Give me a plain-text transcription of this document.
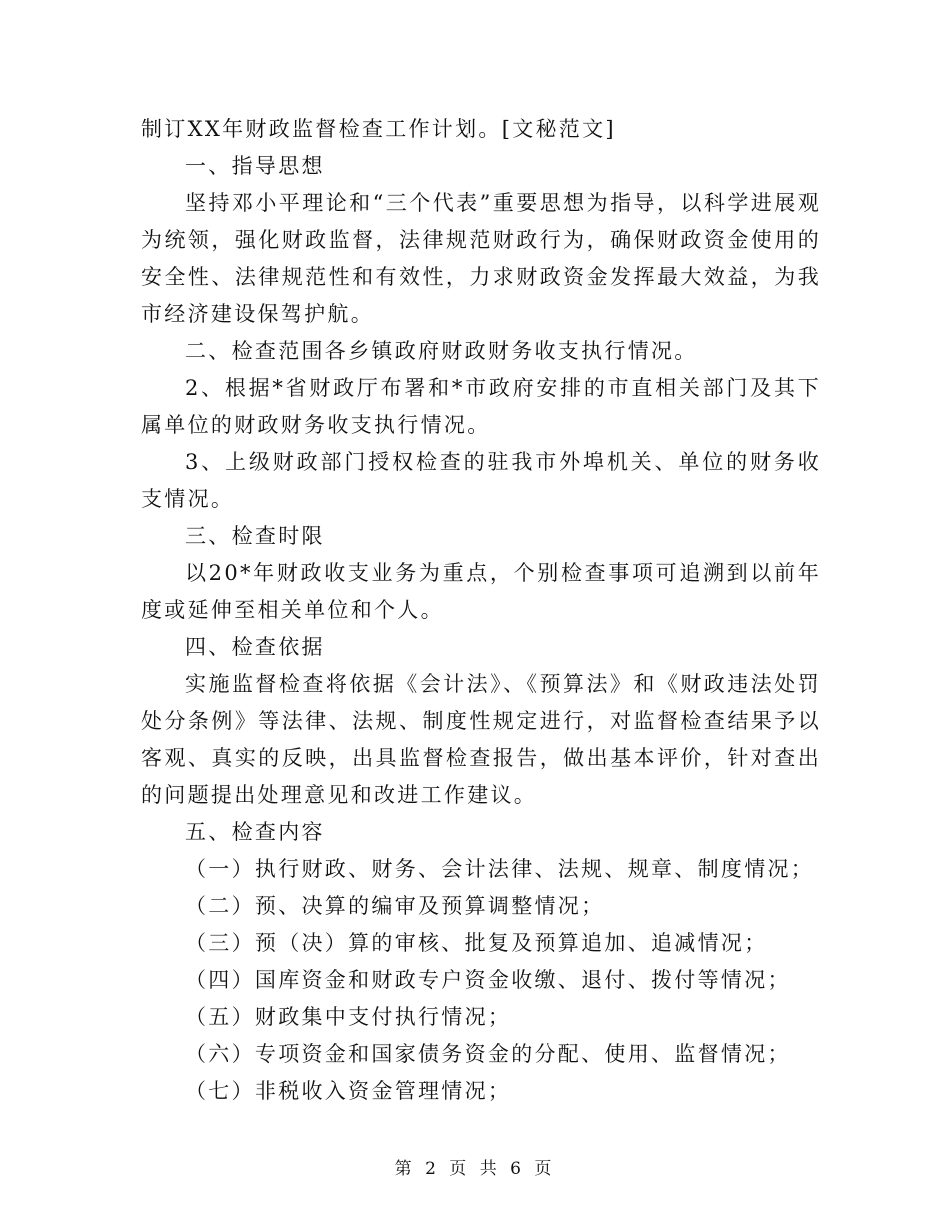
制订XX年财政监督检查工作计划。[文秘范文]

一、指导思想

坚持邓小平理论和“三个代表”重要思想为指导，以科学进展观为统领，强化财政监督，法律规范财政行为，确保财政资金使用的安全性、法律规范性和有效性，力求财政资金发挥最大效益，为我市经济建设保驾护航。

二、检查范围各乡镇政府财政财务收支执行情况。

2、根据*省财政厅布署和*市政府安排的市直相关部门及其下属单位的财政财务收支执行情况。

3、上级财政部门授权检查的驻我市外埠机关、单位的财务收支情况。

三、检查时限

以20*年财政收支业务为重点，个别检查事项可追溯到以前年度或延伸至相关单位和个人。

四、检查依据

实施监督检查将依据《会计法》、《预算法》和《财政违法处罚处分条例》等法律、法规、制度性规定进行，对监督检查结果予以客观、真实的反映，出具监督检查报告，做出基本评价，针对查出的问题提出处理意见和改进工作建议。

五、检查内容

（一）执行财政、财务、会计法律、法规、规章、制度情况；

（二）预、决算的编审及预算调整情况；

（三）预（决）算的审核、批复及预算追加、追减情况；

（四）国库资金和财政专户资金收缴、退付、拨付等情况；

（五）财政集中支付执行情况；

（六）专项资金和国家债务资金的分配、使用、监督情况；

（七）非税收入资金管理情况；

第 2 页 共 6 页
